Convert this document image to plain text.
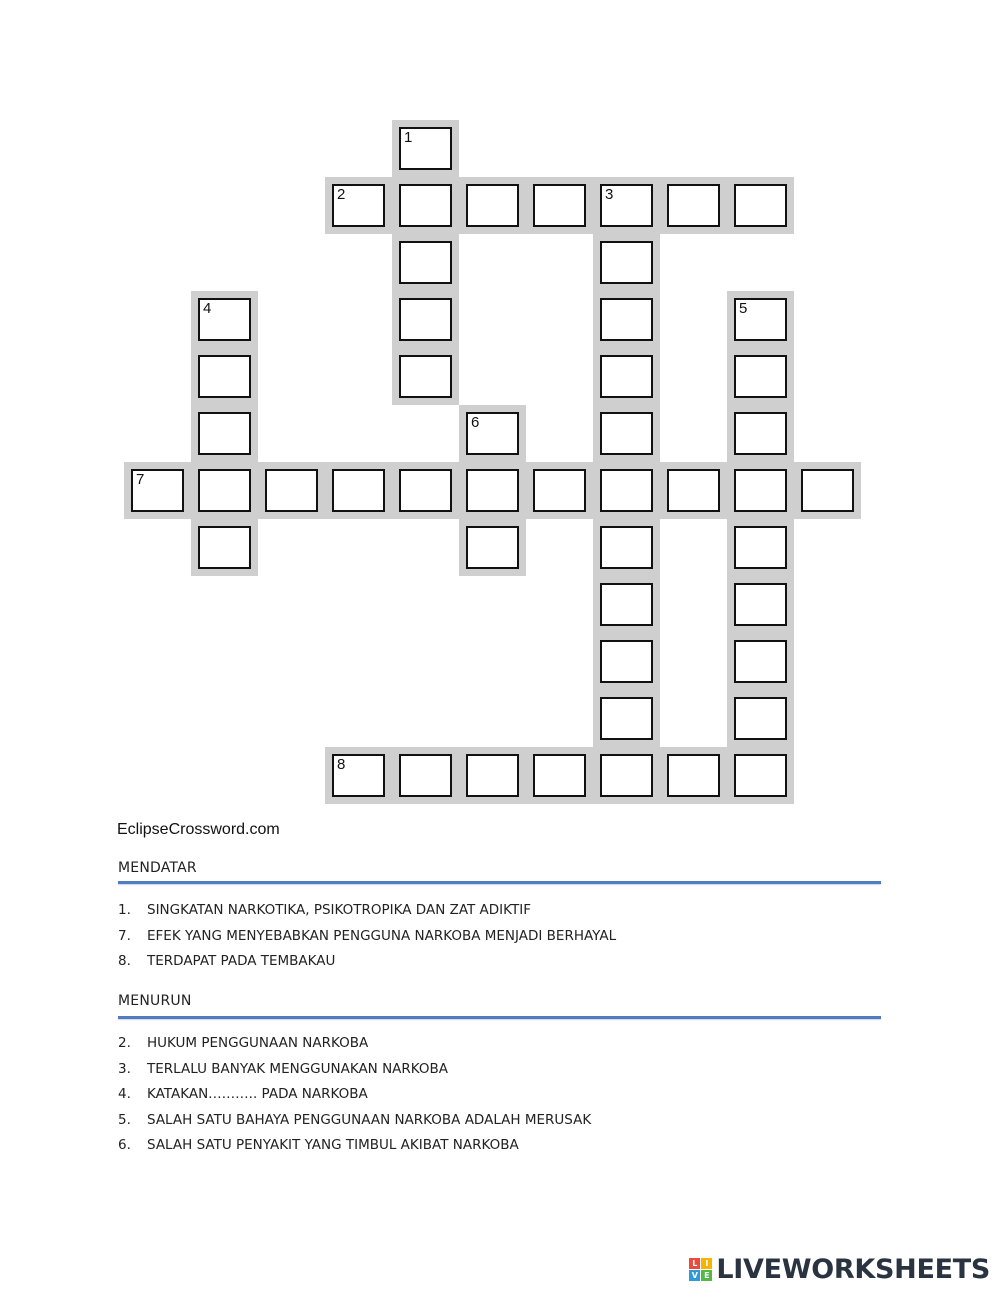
1
2	3
4	5
6
7
8
EclipseCrossword.com
MENDATAR
1. SINGKATAN NARKOTIKA, PSIKOTROPIKA DAN ZAT ADIKTIF
7. EFEK YANG MENYEBABKAN PENGGUNA NARKOBA MENJADI BERHAYAL
8. TERDAPAT PADA TEMBAKAU
MENURUN
2. HUKUM PENGGUNAAN NARKOBA
3. TERLALU BANYAK MENGGUNAKAN NARKOBA
4. KATAKAN……….. PADA NARKOBA
5. SALAH SATU BAHAYA PENGGUNAAN NARKOBA ADALAH MERUSAK
6. SALAH SATU PENYAKIT YANG TIMBUL AKIBAT NARKOBA
L I
V E LIVEWORKSHEETS
